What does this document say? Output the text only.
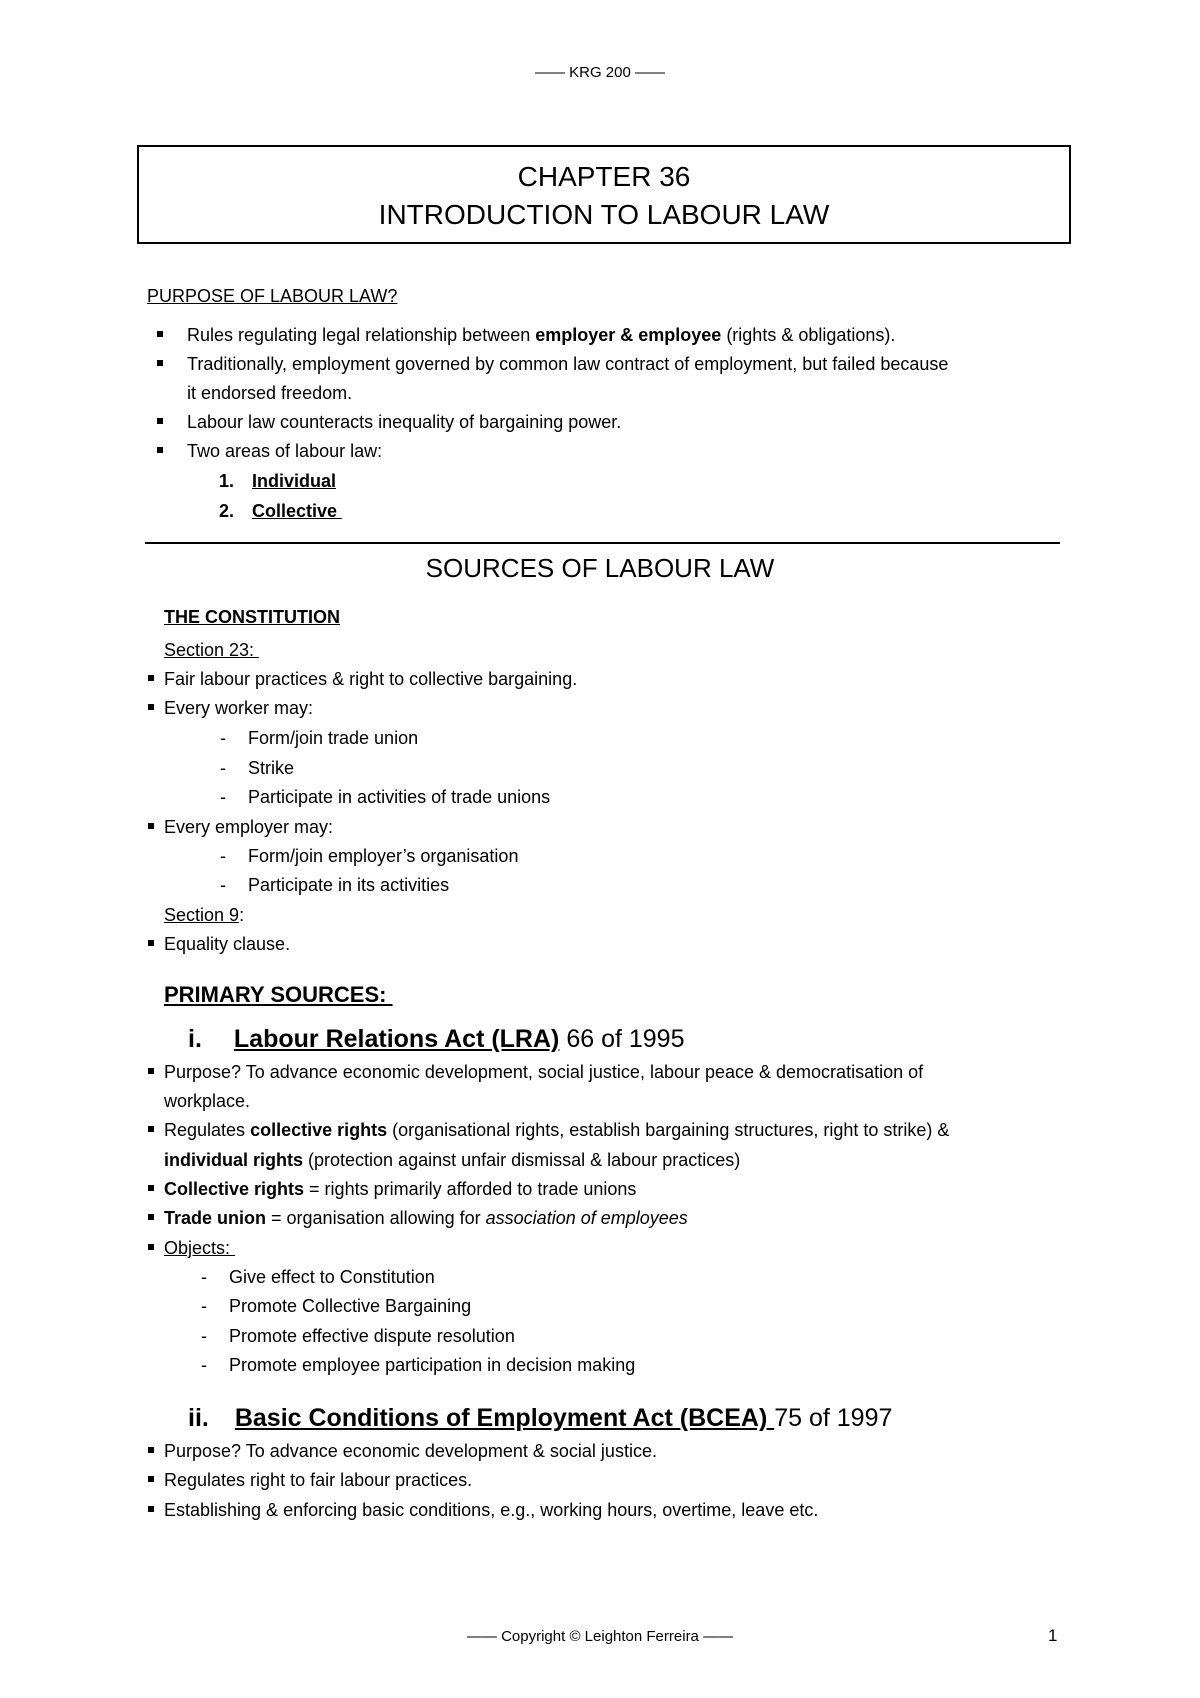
—— KRG 200 ——
CHAPTER 36
INTRODUCTION TO LABOUR LAW
PURPOSE OF LABOUR LAW?
Rules regulating legal relationship between employer & employee (rights & obligations).
Traditionally, employment governed by common law contract of employment, but failed because
it endorsed freedom.
Labour law counteracts inequality of bargaining power.
Two areas of labour law:
1. Individual
2. Collective
SOURCES OF LABOUR LAW
THE CONSTITUTION
Section 23:
Fair labour practices & right to collective bargaining.
Every worker may:
- Form/join trade union
- Strike
- Participate in activities of trade unions
Every employer may:
- Form/join employer’s organisation
- Participate in its activities
Section 9:
Equality clause.
PRIMARY SOURCES:
i. Labour Relations Act (LRA) 66 of 1995
Purpose? To advance economic development, social justice, labour peace & democratisation of
workplace.
Regulates collective rights (organisational rights, establish bargaining structures, right to strike) &
individual rights (protection against unfair dismissal & labour practices)
Collective rights = rights primarily afforded to trade unions
Trade union = organisation allowing for association of employees
Objects:
- Give effect to Constitution
- Promote Collective Bargaining
- Promote effective dispute resolution
- Promote employee participation in decision making
ii. Basic Conditions of Employment Act (BCEA) 75 of 1997
Purpose? To advance economic development & social justice.
Regulates right to fair labour practices.
Establishing & enforcing basic conditions, e.g., working hours, overtime, leave etc.
—— Copyright © Leighton Ferreira ——	1
